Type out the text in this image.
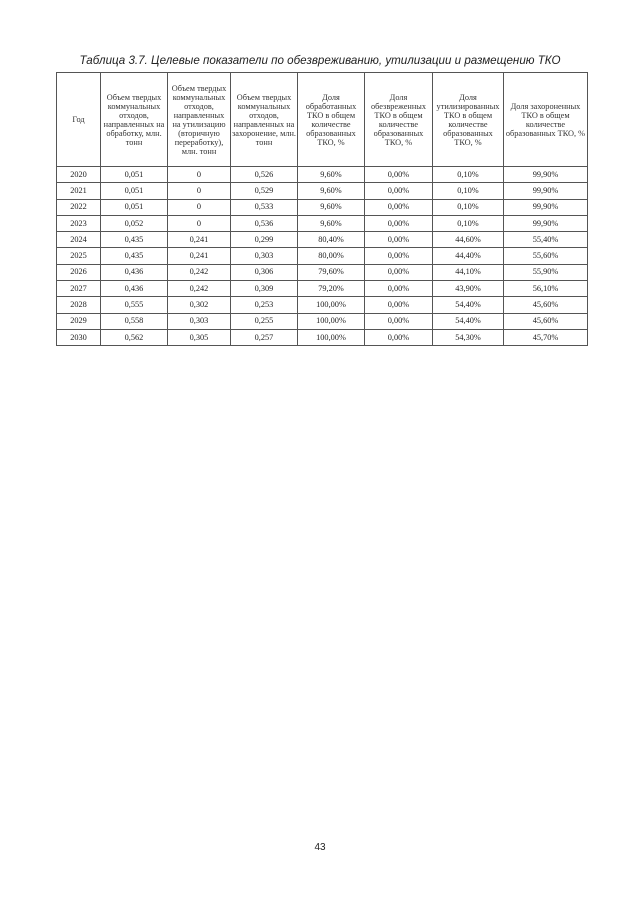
Таблица 3.7. Целевые показатели по обезвреживанию, утилизации и размещению ТКО
Год	Объем твердых коммунальных отходов, направленных на обработку, млн. тонн	Объем твердых коммунальных отходов, направленных на утилизацию (вторичную переработку), млн. тонн	Объем твердых коммунальных отходов, направленных на захоронение, млн. тонн	Доля обработанных ТКО в общем количестве образованных ТКО, %	Доля обезвреженных ТКО в общем количестве образованных ТКО, %	Доля утилизированных ТКО в общем количестве образованных ТКО, %	Доля захороненных ТКО в общем количестве образованных ТКО, %
2020	0,051	0	0,526	9,60%	0,00%	0,10%	99,90%
2021	0,051	0	0,529	9,60%	0,00%	0,10%	99,90%
2022	0,051	0	0,533	9,60%	0,00%	0,10%	99,90%
2023	0,052	0	0,536	9,60%	0,00%	0,10%	99,90%
2024	0,435	0,241	0,299	80,40%	0,00%	44,60%	55,40%
2025	0,435	0,241	0,303	80,00%	0,00%	44,40%	55,60%
2026	0,436	0,242	0,306	79,60%	0,00%	44,10%	55,90%
2027	0,436	0,242	0,309	79,20%	0,00%	43,90%	56,10%
2028	0,555	0,302	0,253	100,00%	0,00%	54,40%	45,60%
2029	0,558	0,303	0,255	100,00%	0,00%	54,40%	45,60%
2030	0,562	0,305	0,257	100,00%	0,00%	54,30%	45,70%
43
